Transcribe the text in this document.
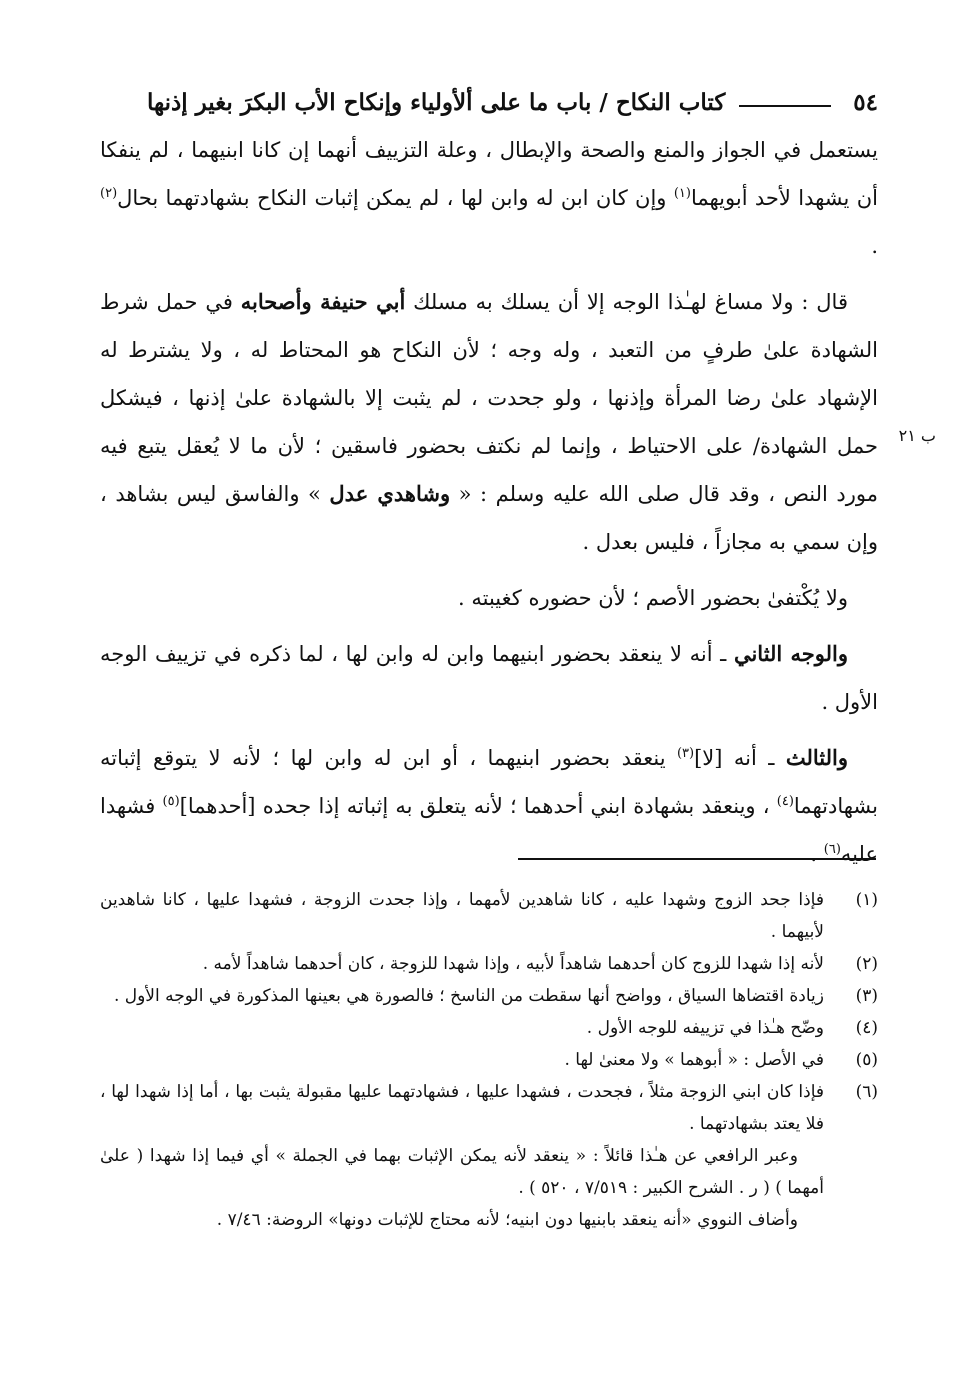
٥٤
كتاب النكاح / باب ما على ألأولياء وإنكاح الأب البكرَ بغير إذنها
ب ٢١

يستعمل في الجواز والمنع والصحة والإبطال ، وعلة التزييف أنهما إن كانا ابنيهما ، لم ينفكا أن يشهدا لأحد أبويهما$^{(١)}$ وإن كان ابن له وابن لها ، لم يمكن إثبات النكاح بشهادتهما بحال$^{(٢)}$ .

قال : ولا مساغ لهـٰذا الوجه إلا أن يسلك به مسلك أبي حنيفة وأصحابه في حمل شرط الشهادة علىٰ طرفٍ من التعبد ، وله وجه ؛ لأن النكاح هو المحتاط له ، ولا يشترط له الإشهاد علىٰ رضا المرأة وإذنها ، ولو جحدت ، لم يثبت إلا بالشهادة علىٰ إذنها ، فيشكل حمل الشهادة/ على الاحتياط ، وإنما لم نكتف بحضور فاسقين ؛ لأن ما لا يُعقل يتبع فيه مورد النص ، وقد قال صلى الله عليه وسلم : « وشاهدي عدل » والفاسق ليس بشاهد ، وإن سمي به مجازاً ، فليس بعدل .

ولا يُكْتفىٰ بحضور الأصم ؛ لأن حضوره كغيبته .

والوجه الثاني ـ أنه لا ينعقد بحضور ابنيهما وابن له وابن لها ، لما ذكره في تزييف الوجه الأول .

والثالث ـ أنه [لا]$^{(٣)}$ ينعقد بحضور ابنيهما ، أو ابن له وابن لها ؛ لأنه لا يتوقع إثباته بشهادتهما$^{(٤)}$ ، وينعقد بشهادة ابني أحدهما ؛ لأنه يتعلق به إثباته إذا جحده [أحدهما]$^{(٥)}$ فشهدا عليه$^{(٦)}$ .

(١)
فإذا جحد الزوج وشهدا عليه ، كانا شاهدين لأمهما ، وإذا جحدت الزوجة ، فشهدا عليها ، كانا شاهدين لأبيهما .
(٢)
لأنه إذا شهدا للزوج كان أحدهما شاهداً لأبيه ، وإذا شهدا للزوجة ، كان أحدهما شاهداً لأمه .
(٣)
زيادة اقتضاها السياق ، وواضح أنها سقطت من الناسخ ؛ فالصورة هي بعينها المذكورة في الوجه الأول .
(٤)
وضّح هـٰذا في تزييفه للوجه الأول .
(٥)
في الأصل : « أبوهما » ولا معنىٰ لها .
(٦)
فإذا كان ابني الزوجة مثلاً ، فجحدت ، فشهدا عليها ، فشهادتهما عليها مقبولة يثبت بها ، أما إذا شهدا لها ، فلا يعتد بشهادتهما .
وعبر الرافعي عن هـٰذا قائلاً : « ينعقد لأنه يمكن الإثبات بهما في الجملة » أي فيما إذا شهدا ( علىٰ أمهما ) ( ر . الشرح الكبير : ٧/٥١٩ ، ٥٢٠ ) .
وأضاف النووي «أنه ينعقد بابنيها دون ابنيه؛ لأنه محتاج للإثبات دونها» الروضة: ٧/٤٦ .
